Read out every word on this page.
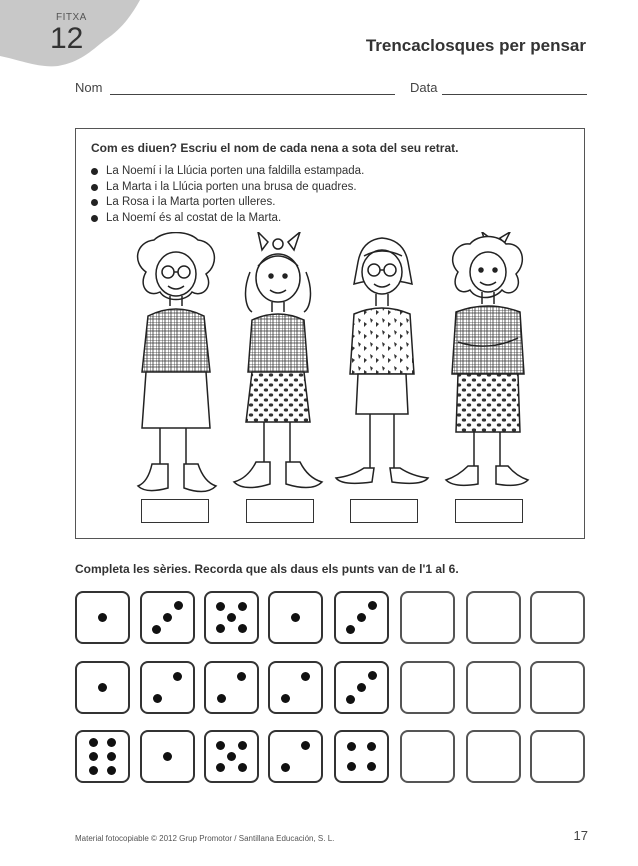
FITXA
12	Trencaclosques per pensar
Nom	Data
Com es diuen? Escriu el nom de cada nena a sota del seu retrat.
La Noemí i la Llúcia porten una faldilla estampada.
La Marta i la Llúcia porten una brusa de quadres.
La Rosa i la Marta porten ulleres.
La Noemí és al costat de la Marta.
Completa les sèries. Recorda que als daus els punts van de l'1 al 6.
Material fotocopiable © 2012 Grup Promotor / Santillana Educación, S. L.	17
